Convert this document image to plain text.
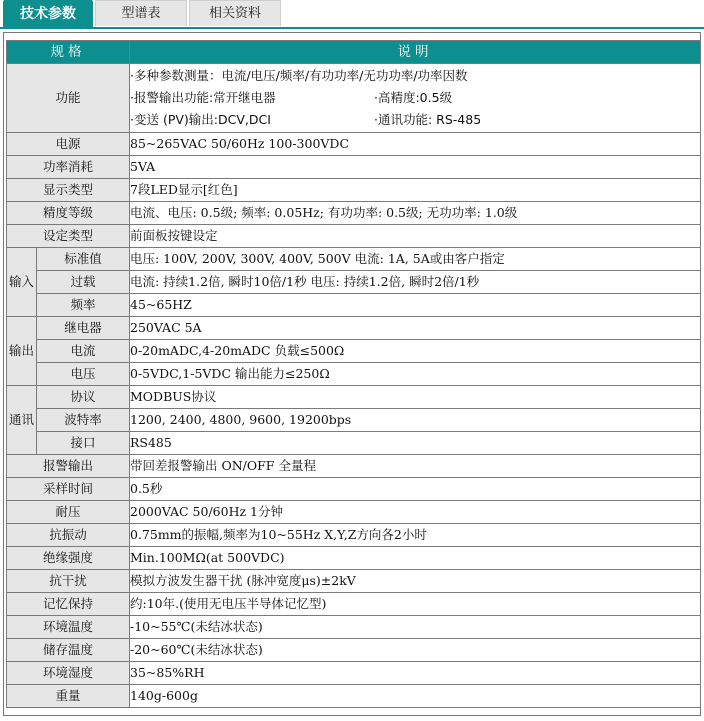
技术参数	型谱表	相关资料
规格		说明
功能		·多种参数测量：电流/电压/频率/有功功率/无功功率/功率因数
·报警输出功能:常开继电器 ·高精度:0.5级
·变送 (PV)输出:DCV,DCI ·通讯功能: RS-485

电源		85~265VAC 50/60Hz 100-300VDC
功率消耗		5VA
显示类型		7段LED显示[红色]
精度等级		电流、电压: 0.5级; 频率: 0.05Hz; 有功功率: 0.5级; 无功功率: 1.0级
设定类型		前面板按键设定
输入	标准值	电压: 100V, 200V, 300V, 400V, 500V 电流: 1A, 5A或由客户指定
	过载	电流: 持续1.2倍, 瞬时10倍/1秒 电压: 持续1.2倍, 瞬时2倍/1秒
	频率	45~65HZ
输出	继电器	250VAC 5A
	电流	0-20mADC,4-20mADC 负载≤500Ω
	电压	0-5VDC,1-5VDC 输出能力≤250Ω
通讯	协议	MODBUS协议
	波特率	1200, 2400, 4800, 9600, 19200bps
	接口	RS485
报警输出		带回差报警输出 ON/OFF 全量程
采样时间		0.5秒
耐压		2000VAC 50/60Hz 1分钟
抗振动		0.75mm的振幅,频率为10~55Hz X,Y,Z方向各2小时
绝缘强度		Min.100MΩ(at 500VDC)
抗干扰		模拟方波发生器干扰 (脉冲宽度μs)±2kV
记忆保持		约:10年.(使用无电压半导体记忆型)
环境温度		-10~55℃(未结冰状态)
储存温度		-20~60℃(未结冰状态)
环境湿度		35~85%RH
重量		140g-600g
